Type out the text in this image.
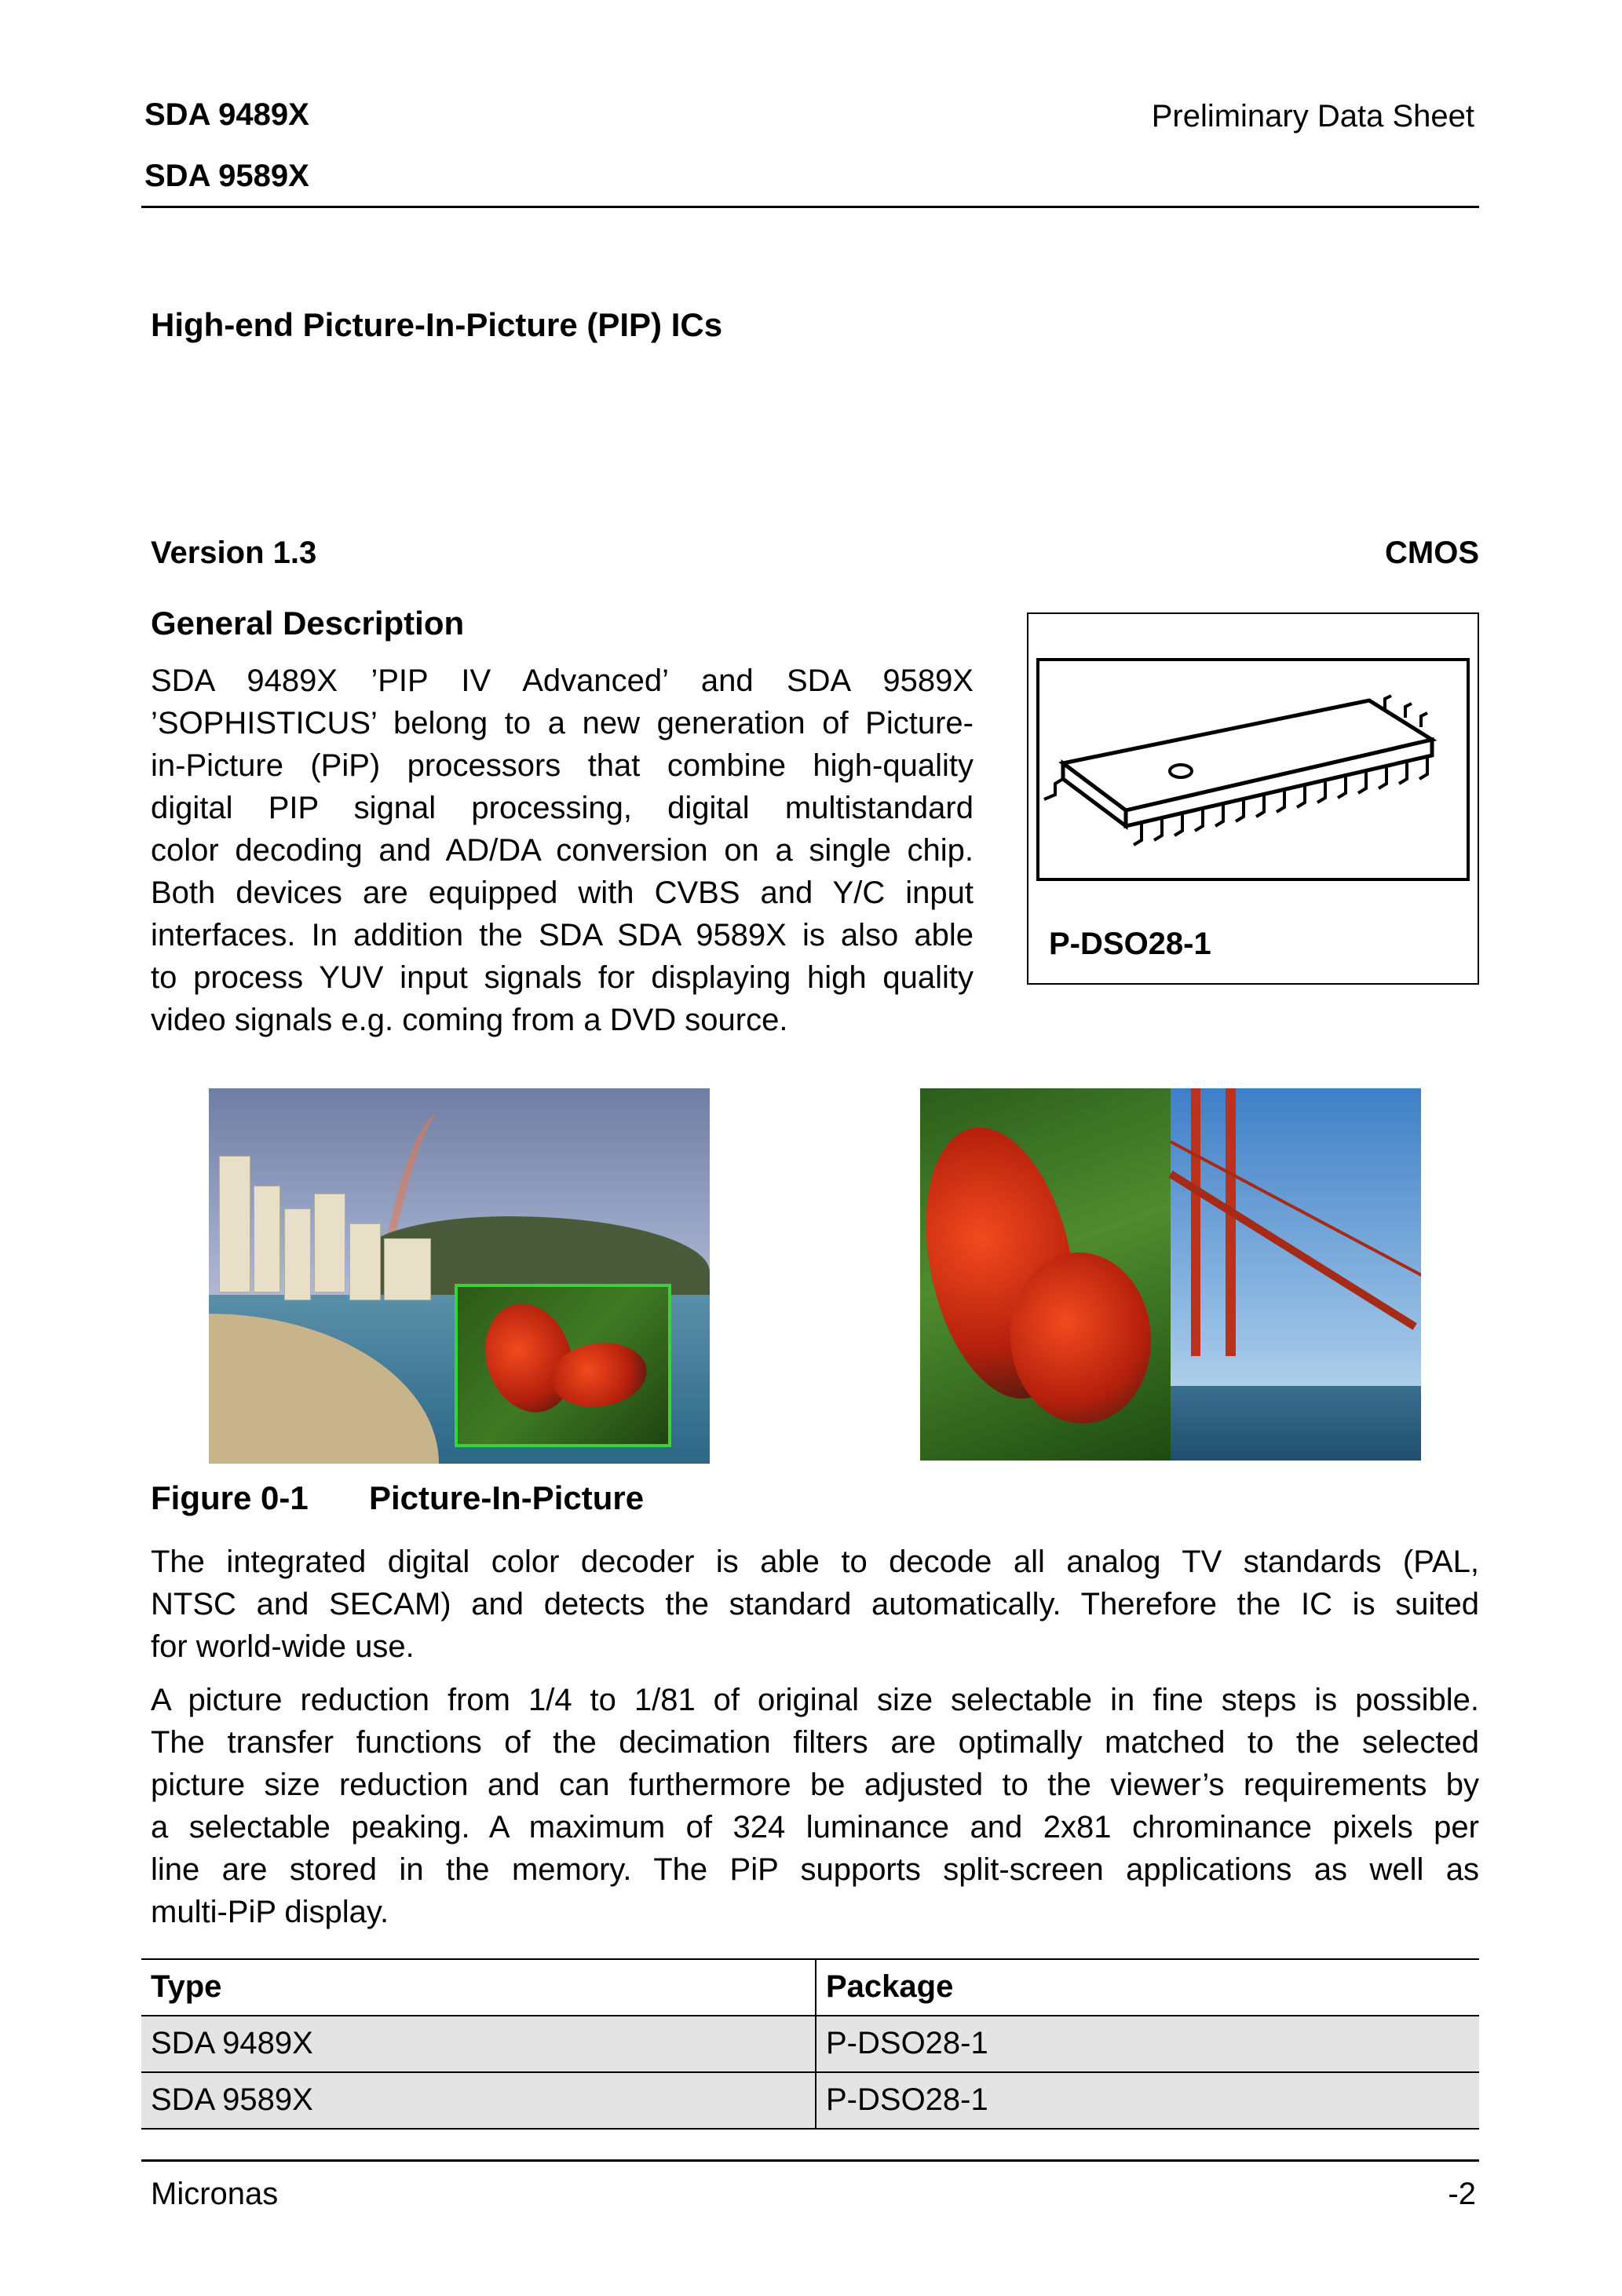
SDA 9489X
SDA 9589X
Preliminary Data Sheet
High-end Picture-In-Picture (PIP) ICs
Version 1.3	CMOS
General Description
SDA 9489X ’PIP IV Advanced’ and SDA 9589X
’SOPHISTICUS’ belong to a new generation of Picture-
in-Picture (PiP) processors that combine high-quality
digital PIP signal processing, digital multistandard
color decoding and AD/DA conversion on a single chip.
Both devices are equipped with CVBS and Y/C input
interfaces. In addition the SDA SDA 9589X is also able
to process YUV input signals for displaying high quality
video signals e.g. coming from a DVD source.
P-DSO28-1
Figure 0-1 Picture-In-Picture
The integrated digital color decoder is able to decode all analog TV standards (PAL,
NTSC and SECAM) and detects the standard automatically. Therefore the IC is suited
for world-wide use.
A picture reduction from 1/4 to 1/81 of original size selectable in fine steps is possible.
The transfer functions of the decimation filters are optimally matched to the selected
picture size reduction and can furthermore be adjusted to the viewer’s requirements by
a selectable peaking. A maximum of 324 luminance and 2x81 chrominance pixels per
line are stored in the memory. The PiP supports split-screen applications as well as
multi-PiP display.
Type	Package
SDA 9489X	P-DSO28-1
SDA 9589X	P-DSO28-1
Micronas	-2
